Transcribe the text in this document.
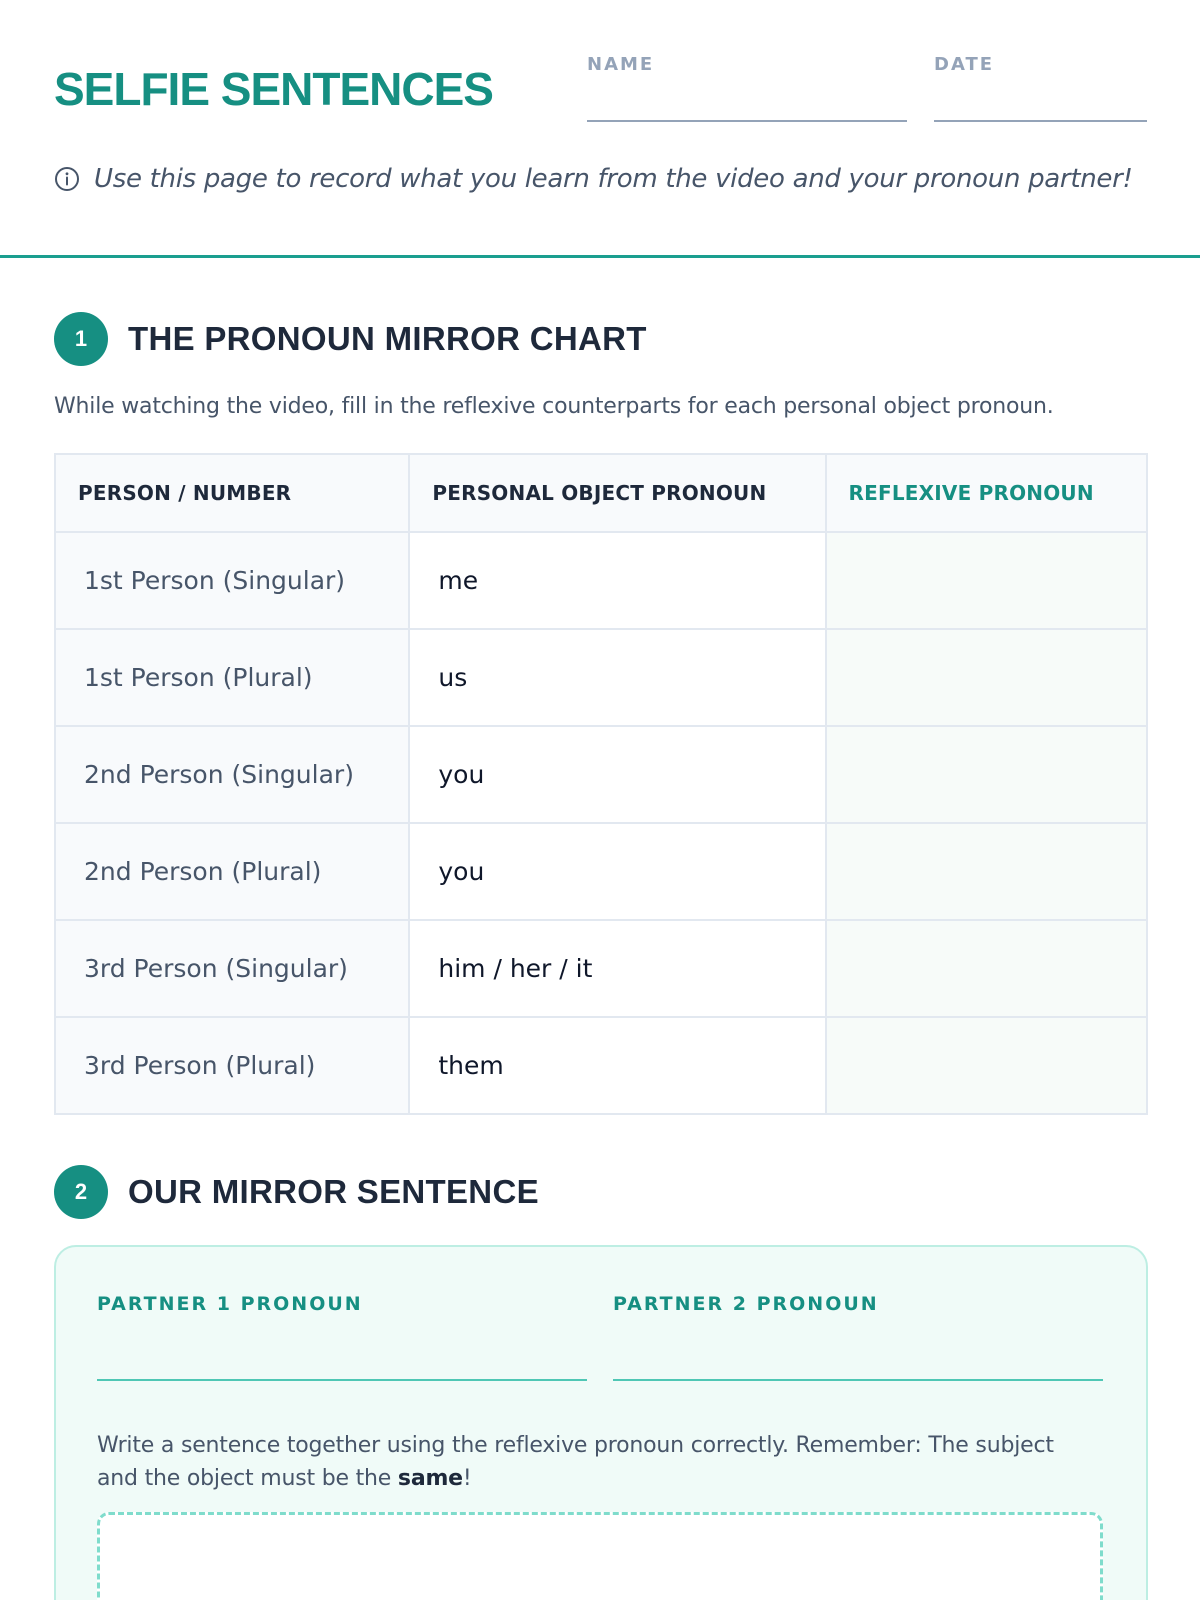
SELFIE SENTENCES	NAME	DATE
Use this page to record what you learn from the video and your pronoun partner!
1	THE PRONOUN MIRROR CHART
While watching the video, fill in the reflexive counterparts for each personal object pronoun.
PERSON / NUMBER	PERSONAL OBJECT PRONOUN	REFLEXIVE PRONOUN
1st Person (Singular)	me	
1st Person (Plural)	us	
2nd Person (Singular)	you	
2nd Person (Plural)	you	
3rd Person (Singular)	him / her / it	
3rd Person (Plural)	them	
2	OUR MIRROR SENTENCE
PARTNER 1 PRONOUN	PARTNER 2 PRONOUN
Write a sentence together using the reflexive pronoun correctly. Remember: The subject and the object must be the same!
